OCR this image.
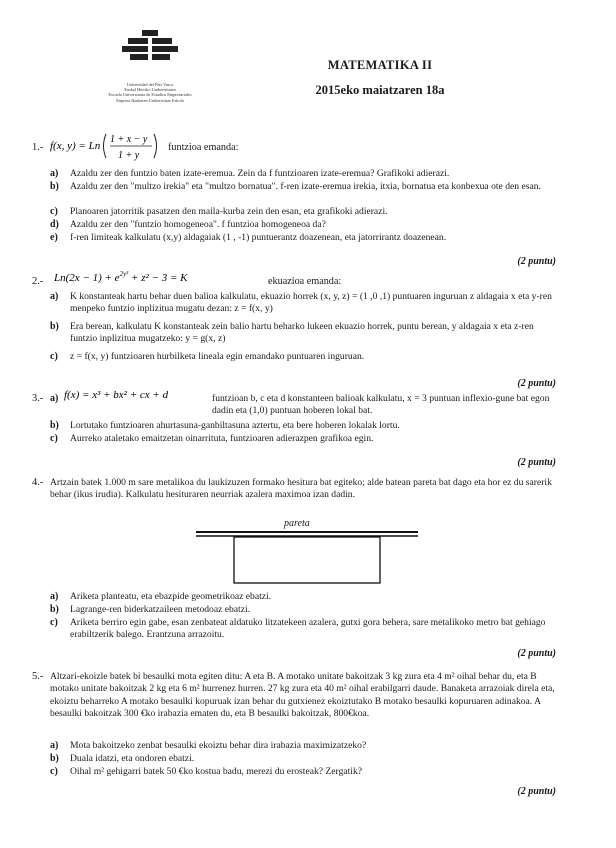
Universidad del País Vasco
Euskal Herriko Unibertsitatea
Escuela Universitaria de Estudios Empresariales
Enpresa Ikasketen Unibertsitate Eskola
MATEMATIKA II
2015eko maiatzaren 18a
1.- f(x, y) = Ln
1 + x − y
1 + y
funtzioa emanda:
a) Azaldu zer den funtzio baten izate-eremua. Zein da f funtzioaren izate-eremua? Grafikoki adierazi.
b) Azaldu zer den "multzo irekia" eta "multzo bornatua". f-ren izate-eremua irekia, itxia, bornatua eta konbexua ote den esan.
c) Planoaren jatorritik pasatzen den maila-kurba zein den esan, eta grafikoki adierazi.
d) Azaldu zer den "funtzio homogeneoa". f funtzioa homogeneoa da?
e) f-ren limiteak kalkulatu (x,y) aldagaiak (1 , -1) puntuerantz doazenean, eta jatorrirantz doazenean.
(2 puntu)
2.- $Ln(2x - 1) + e^{2y^3} + z^2 - 3 = K$	ekuazioa emanda:
a) K konstanteak hartu behar duen balioa kalkulatu, ekuazio horrek (x, y, z) = (1 ,0 ,1) puntuaren inguruan z aldagaia x eta y-ren menpeko funtzio inplizitua mugatu dezan: z = f(x, y)
b) Era berean, kalkulatu K konstanteak zein balio hartu beharko lukeen ekuazio horrek, puntu berean, y aldagaia x eta z-ren funtzio inplizitua mugatzeko: y = g(x, z)
c) z = f(x, y) funtzioaren hurbilketa lineala egin emandako puntuaren inguruan.
(2 puntu)
3.- a) f(x) = x³ + bx² + cx + d	funtzioan b, c eta d konstanteen balioak kalkulatu, x = 3 puntuan inflexio-gune bat egon dadin eta (1,0) puntuan hoberen lokal bat.
b) Lortutako funtzioaren ahurtasuna-ganbiltasuna aztertu, eta bere hoberen lokalak lortu.
c) Aurreko ataletako emaitzetan oinarrituta, funtzioaren adierazpen grafikoa egin.
(2 puntu)
4.- Artzain batek 1.000 m sare metalikoa du laukizuzen formako hesitura bat egiteko; alde batean pareta bat dago eta hor ez du sarerik behar (ikus irudia). Kalkulatu hesituraren neurriak azalera maximoa izan dadin.
pareta
a) Ariketa planteatu, eta ebazpide geometrikoaz ebatzi.
b) Lagrange-ren biderkatzaileen metodoaz ebatzi.
c) Ariketa berriro egin gabe, esan zenbateat aldatuko litzatekeen azalera, gutxi gora behera, sare metalikoko metro bat gehiago erabiltzerik balego. Erantzuna arrazoitu.
(2 puntu)
5.- Altzari-ekoizle batek bi besaulki mota egiten ditu: A eta B. A motako unitate bakoitzak 3 kg zura eta 4 m² oihal behar du, eta B motako unitate bakoitzak 2 kg eta 6 m² hurrenez hurren. 27 kg zura eta 40 m² oihal erabilgarri daude. Banaketa arrazoiak direla eta, ekoiztu beharreko A motako besaulki kopuruak izan behar du gutxienez ekoiztutako B motako besaulki kopuruaren adinakoa. A besaulki bakoitzak 300 €ko irabazia ematen du, eta B besaulki bakoitzak, 800€koa.
a) Mota bakoitzeko zenbat besaulki ekoiztu behar dira irabazia maximizatzeko?
b) Duala idatzi, eta ondoren ebatzi.
c) Oihal m² gehigarri batek 50 €ko kostua badu, merezi du erosteak? Zergatik?
(2 puntu)
